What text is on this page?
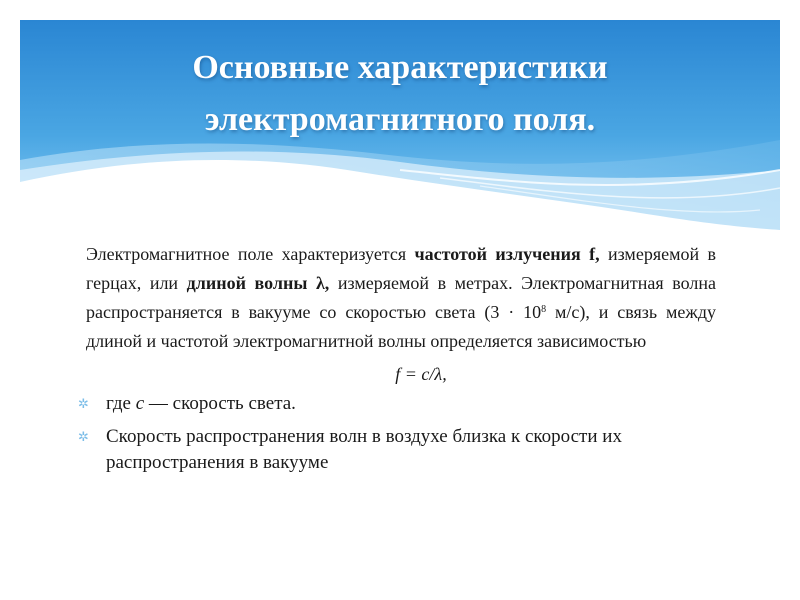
Основные характеристики
электромагнитного поля.

Электромагнитное поле характеризуется частотой излучения f, измеряемой в герцах, или длиной волны λ, измеряемой в метрах. Электромагнитная волна распространяется в вакууме со скоростью света ($3 \cdot 10^8$ м/с), и связь между длиной и частотой электромагнитной волны определяется зависимостью

f = c/λ,
✲ где c — скорость света.
✲ Скорость распространения волн в воздухе близка к скорости их распространения в вакууме
